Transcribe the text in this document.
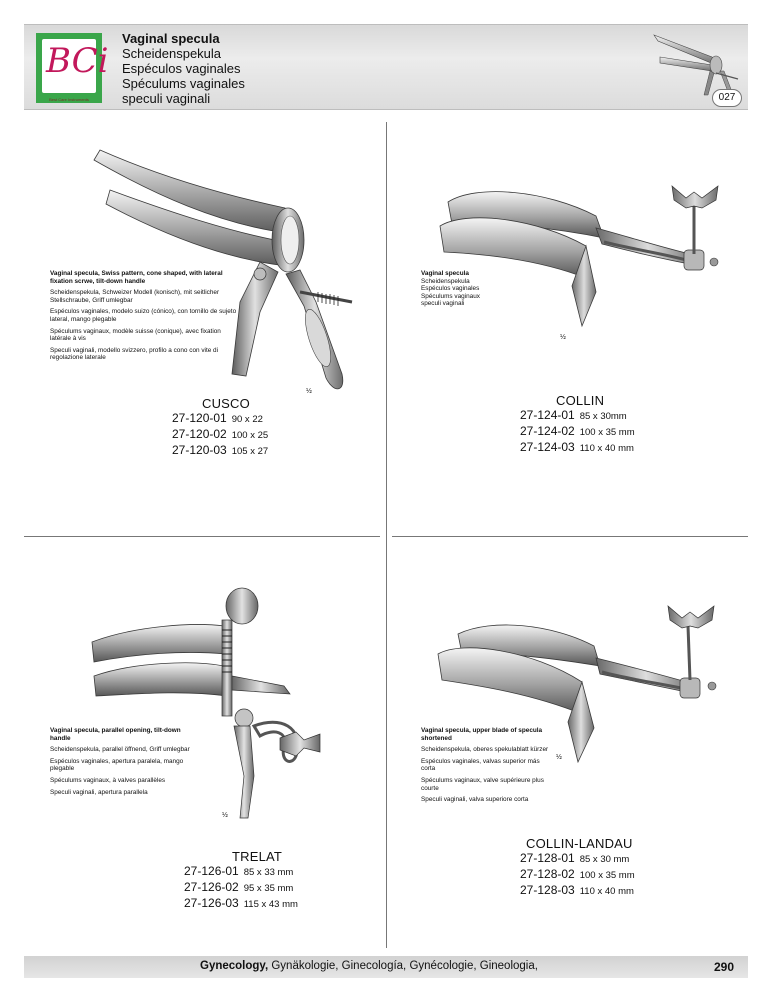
BCi
Best Care Instruments
Vaginal specula
Scheidenspekula
Espéculos vaginales
Spéculums vaginales
speculi vaginali	027

Vaginal specula, Swiss pattern, cone shaped, with lateral fixation scrwe, tilt-down handle

Scheidenspekula, Schweizer Modell (konisch), mit seitlicher Stellschraube, Griff umlegbar

Espéculos vaginales, modelo suizo (cónico), con tornillo de sujeto lateral, mango plegable

Spéculums vaginaux, modèle suisse (conique), avec fixation latérale à vis

Speculi vaginali, modello svizzero, profilo a cono con vite di regolazione laterale

½
CUSCO
27-120-01 90 x 22
27-120-02 100 x 25
27-120-03 105 x 27

Vaginal specula

Scheidenspekula

Espéculos vaginales

Spéculums vaginaux

speculi vaginali

½
COLLIN
27-124-01 85 x 30mm
27-124-02 100 x 35 mm
27-124-03 110 x 40 mm

Vaginal specula, parallel opening, tilt-down handle

Scheidenspekula, parallel öffnend, Griff umlegbar

Espéculos vaginales, apertura paralela, mango plegable

Spéculums vaginaux, à valves parallèles

Speculi vaginali, apertura parallela

½
TRELAT
27-126-01 85 x 33 mm
27-126-02 95 x 35 mm
27-126-03 115 x 43 mm

Vaginal specula, upper blade of specula shortened

Scheidenspekula, oberes spekulablatt kürzer

Espéculos vaginales, valvas superior más corta

Spéculums vaginaux, valve supérieure plus courte

Speculi vaginali, valva superiore corta

½
COLLIN-LANDAU
27-128-01 85 x 30 mm
27-128-02 100 x 35 mm
27-128-03 110 x 40 mm
Gynecology, Gynäkologie, Ginecología, Gynécologie, Gineologia,	290
